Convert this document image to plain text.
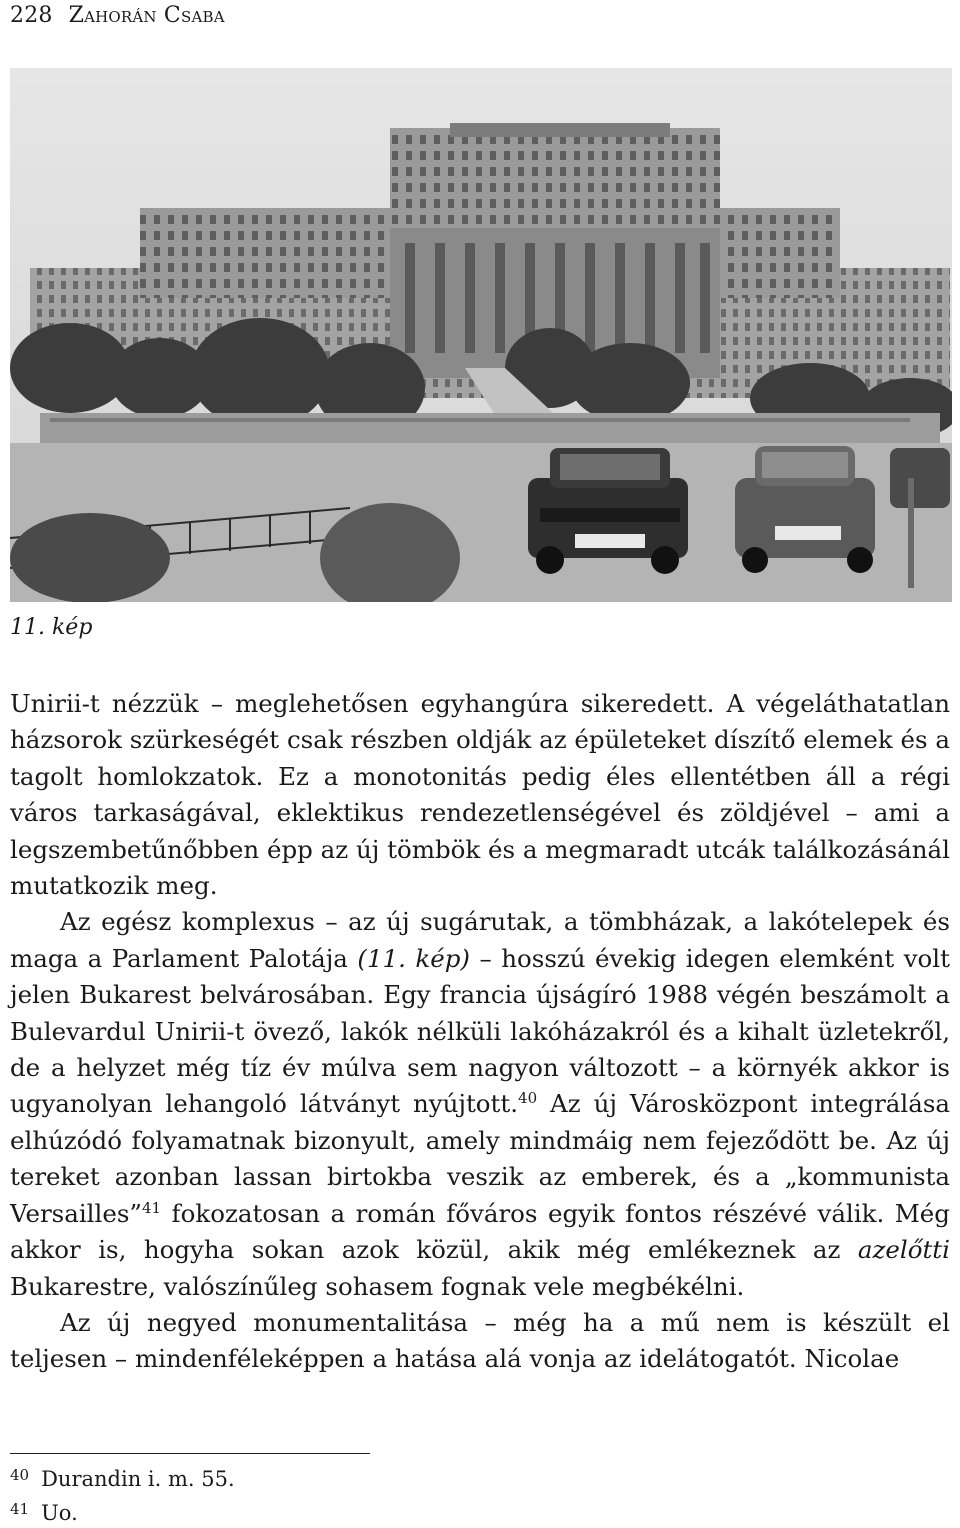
228 Zahorán Csaba
11. kép

Unirii-t nézzük – meglehetősen egyhangúra sikeredett. A végeláthatatlan házsorok szürkeségét csak részben oldják az épületeket díszítő elemek és a tagolt homlokzatok. Ez a monotonitás pedig éles ellentétben áll a régi város tarkaságával, eklektikus rendezetlenségével és zöldjével – ami a legszembetűnőbben épp az új tömbök és a megmaradt utcák találkozásánál mutatkozik meg.

Az egész komplexus – az új sugárutak, a tömbházak, a lakótelepek és maga a Parlament Palotája (11. kép) – hosszú évekig idegen elemként volt jelen Bukarest belvárosában. Egy francia újságíró 1988 végén beszámolt a Bulevardul Unirii-t övező, lakók nélküli lakóházakról és a kihalt üzletekről, de a helyzet még tíz év múlva sem nagyon változott – a környék akkor is ugyanolyan lehangoló látványt nyújtott.$^{40}$ Az új Városközpont integrálása elhúzódó folyamatnak bizonyult, amely mindmáig nem fejeződött be. Az új tereket azonban lassan birtokba veszik az emberek, és a „kommunista Versailles”$^{41}$ fokozatosan a román főváros egyik fontos részévé válik. Még akkor is, hogyha sokan azok közül, akik még emlékeznek az azelőtti Bukarestre, valószínűleg sohasem fognak vele megbékélni.

Az új negyed monumentalitása – még ha a mű nem is készült el teljesen – mindenféleképpen a hatása alá vonja az idelátogatót. Nicolae

$^{40}$ Durandin i. m. 55.
$^{41}$ Uo.
